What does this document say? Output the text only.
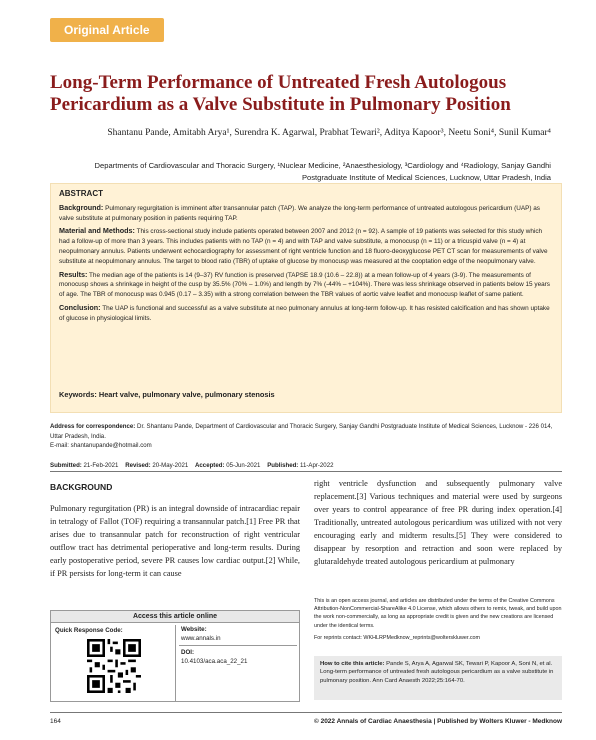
Original Article
Long-Term Performance of Untreated Fresh Autologous Pericardium as a Valve Substitute in Pulmonary Position
Shantanu Pande, Amitabh Arya¹, Surendra K. Agarwal, Prabhat Tewari², Aditya Kapoor³, Neetu Soni⁴, Sunil Kumar⁴
Departments of Cardiovascular and Thoracic Surgery, ¹Nuclear Medicine, ²Anaesthesiology, ³Cardiology and ⁴Radiology, Sanjay Gandhi Postgraduate Institute of Medical Sciences, Lucknow, Uttar Pradesh, India
ABSTRACT

Background: Pulmonary regurgitation is imminent after transannular patch (TAP). We analyze the long-term performance of untreated autologous pericardium (UAP) as valve substitute at pulmonary position in patients requiring TAP.

Material and Methods: This cross-sectional study include patients operated between 2007 and 2012 (n = 92). A sample of 19 patients was selected for this study which had a follow-up of more than 3 years. This includes patients with no TAP (n = 4) and with TAP and valve substitute, a monocusp (n = 11) or a tricuspid valve (n = 4) at neopulmonary annulus. Patients underwent echocardiography for assessment of right ventricle function and 18 fluoro-deoxyglucose PET CT scan for measurements of valve substitute at neopulmonary annulus. The target to blood ratio (TBR) of uptake of glucose by monocusp was measured at the cooptation edge of the neopulmonary valve.

Results: The median age of the patients is 14 (9–37) RV function is preserved (TAPSE 18.9 (10.6 – 22.8)) at a mean follow-up of 4 years (3-9). The measurements of monocusp shows a shrinkage in height of the cusp by 35.5% (70% – 1.0%) and length by 7% (-44% – +104%). There was less shrinkage observed in patients below 15 years of age. The TBR of monocusp was 0.945 (0.17 – 3.35) with a strong correlation between the TBR values of aortic valve leaflet and monocusp leaflet of same patient.

Conclusion: The UAP is functional and successful as a valve substitute at neo pulmonary annulus at long-term follow-up. It has resisted calcification and has shown uptake of glucose in physiological limits.

Keywords: Heart valve, pulmonary valve, pulmonary stenosis
Address for correspondence: Dr. Shantanu Pande, Department of Cardiovascular and Thoracic Surgery, Sanjay Gandhi Postgraduate Institute of Medical Sciences, Lucknow - 226 014, Uttar Pradesh, India.
E-mail: shantanupande@hotmail.com
Submitted: 21-Feb-2021 Revised: 20-May-2021 Accepted: 05-Jun-2021 Published: 11-Apr-2022
BACKGROUND

Pulmonary regurgitation (PR) is an integral downside of intracardiac repair in tetralogy of Fallot (TOF) requiring a transannular patch.[1] Free PR that arises due to transannular patch for reconstruction of right ventricular outflow tract has detrimental perioperative and long-term results. During early postoperative period, severe PR causes low cardiac output.[2] While, if PR persists for long-term it can cause

right ventricle dysfunction and subsequently pulmonary valve replacement.[3] Various techniques and material were used by surgeons over years to control appearance of free PR during index operation.[4] Traditionally, untreated autologous pericardium was utilized with not very encouraging early and midterm results.[5] They were considered to disappear by resorption and retraction and soon were replaced by glutaraldehyde treated autologous pericardium at pulmonary

Access this article online
Quick Response Code:	Website:
www.annals.in
DOI:
10.4103/aca.aca_22_21

This is an open access journal, and articles are distributed under the terms of the Creative Commons Attribution-NonCommercial-ShareAlike 4.0 License, which allows others to remix, tweak, and build upon the work non-commercially, as long as appropriate credit is given and the new creations are licensed under the identical terms.

For reprints contact: WKHLRPMedknow_reprints@wolterskluwer.com

How to cite this article: Pande S, Arya A, Agarwal SK, Tewari P, Kapoor A, Soni N, et al. Long-term performance of untreated fresh autologous pericardium as a valve substitute in pulmonary position. Ann Card Anaesth 2022;25:164-70.
164	© 2022 Annals of Cardiac Anaesthesia | Published by Wolters Kluwer - Medknow
